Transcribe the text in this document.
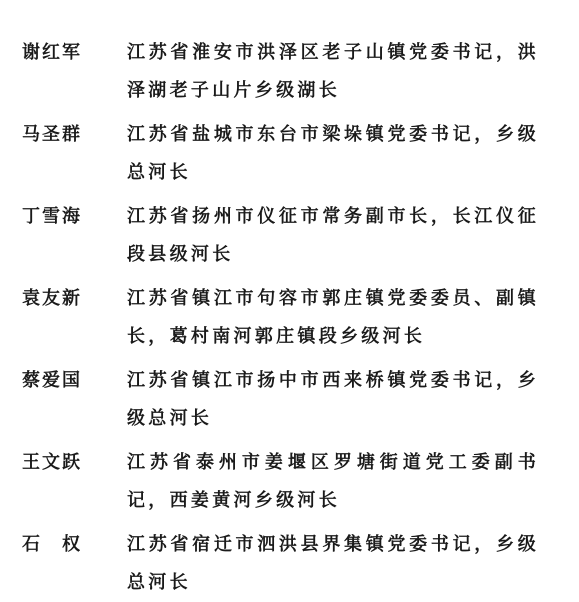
谢红军	江苏省淮安市洪泽区老子山镇党委书记，洪泽湖老子山片乡级湖长
马圣群	江苏省盐城市东台市梁垛镇党委书记，乡级总河长
丁雪海	江苏省扬州市仪征市常务副市长，长江仪征段县级河长
袁友新	江苏省镇江市句容市郭庄镇党委委员、副镇长，葛村南河郭庄镇段乡级河长
蔡爱国	江苏省镇江市扬中市西来桥镇党委书记，乡级总河长
王文跃	江苏省泰州市姜堰区罗塘街道党工委副书记，西姜黄河乡级河长
石　权	江苏省宿迁市泗洪县界集镇党委书记，乡级总河长
